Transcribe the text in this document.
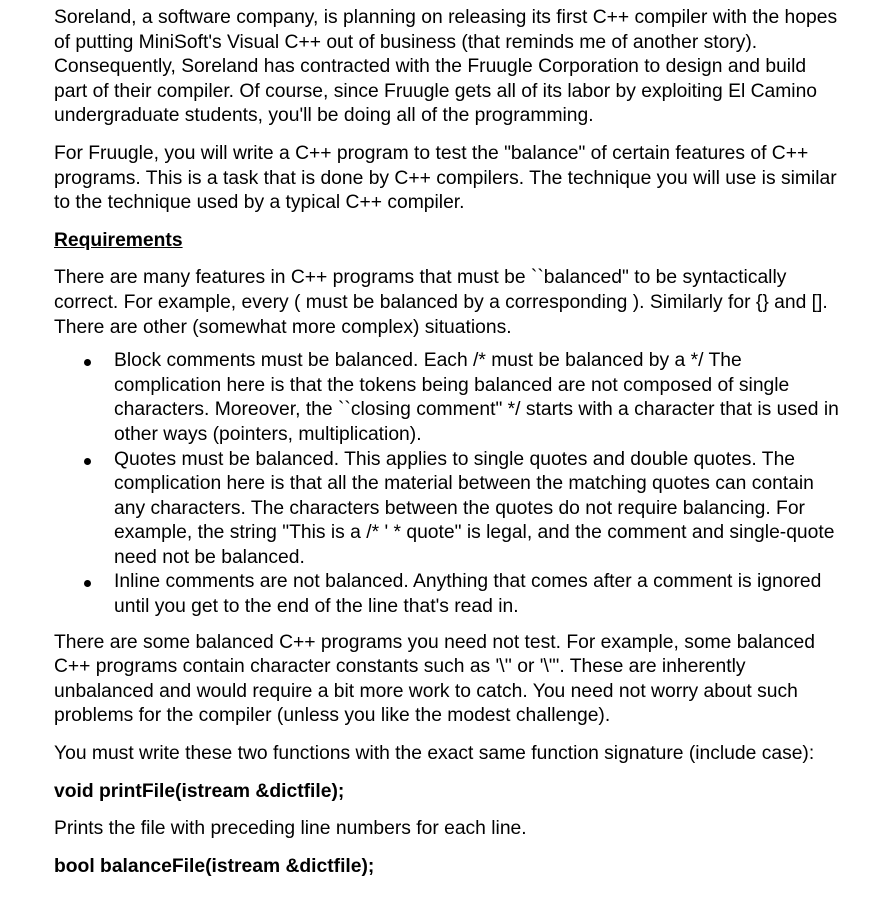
Soreland, a software company, is planning on releasing its first C++ compiler with the hopes of putting MiniSoft's Visual C++ out of business (that reminds me of another story). Consequently, Soreland has contracted with the Fruugle Corporation to design and build part of their compiler. Of course, since Fruugle gets all of its labor by exploiting El Camino undergraduate students, you'll be doing all of the programming.

For Fruugle, you will write a C++ program to test the "balance" of certain features of C++ programs. This is a task that is done by C++ compilers. The technique you will use is similar to the technique used by a typical C++ compiler.

Requirements

There are many features in C++ programs that must be ``balanced" to be syntactically correct. For example, every ( must be balanced by a corresponding ). Similarly for {} and []. There are other (somewhat more complex) situations.

Block comments must be balanced. Each /* must be balanced by a */ The complication here is that the tokens being balanced are not composed of single characters. Moreover, the ``closing comment" */ starts with a character that is used in other ways (pointers, multiplication).
Quotes must be balanced. This applies to single quotes and double quotes. The complication here is that all the material between the matching quotes can contain any characters. The characters between the quotes do not require balancing. For example, the string "This is a /* ' * quote" is legal, and the comment and single-quote need not be balanced.
Inline comments are not balanced. Anything that comes after a comment is ignored until you get to the end of the line that's read in.

There are some balanced C++ programs you need not test. For example, some balanced C++ programs contain character constants such as '\'' or '\"'. These are inherently unbalanced and would require a bit more work to catch. You need not worry about such problems for the compiler (unless you like the modest challenge).

You must write these two functions with the exact same function signature (include case):

void printFile(istream &dictfile);

Prints the file with preceding line numbers for each line.

bool balanceFile(istream &dictfile);
